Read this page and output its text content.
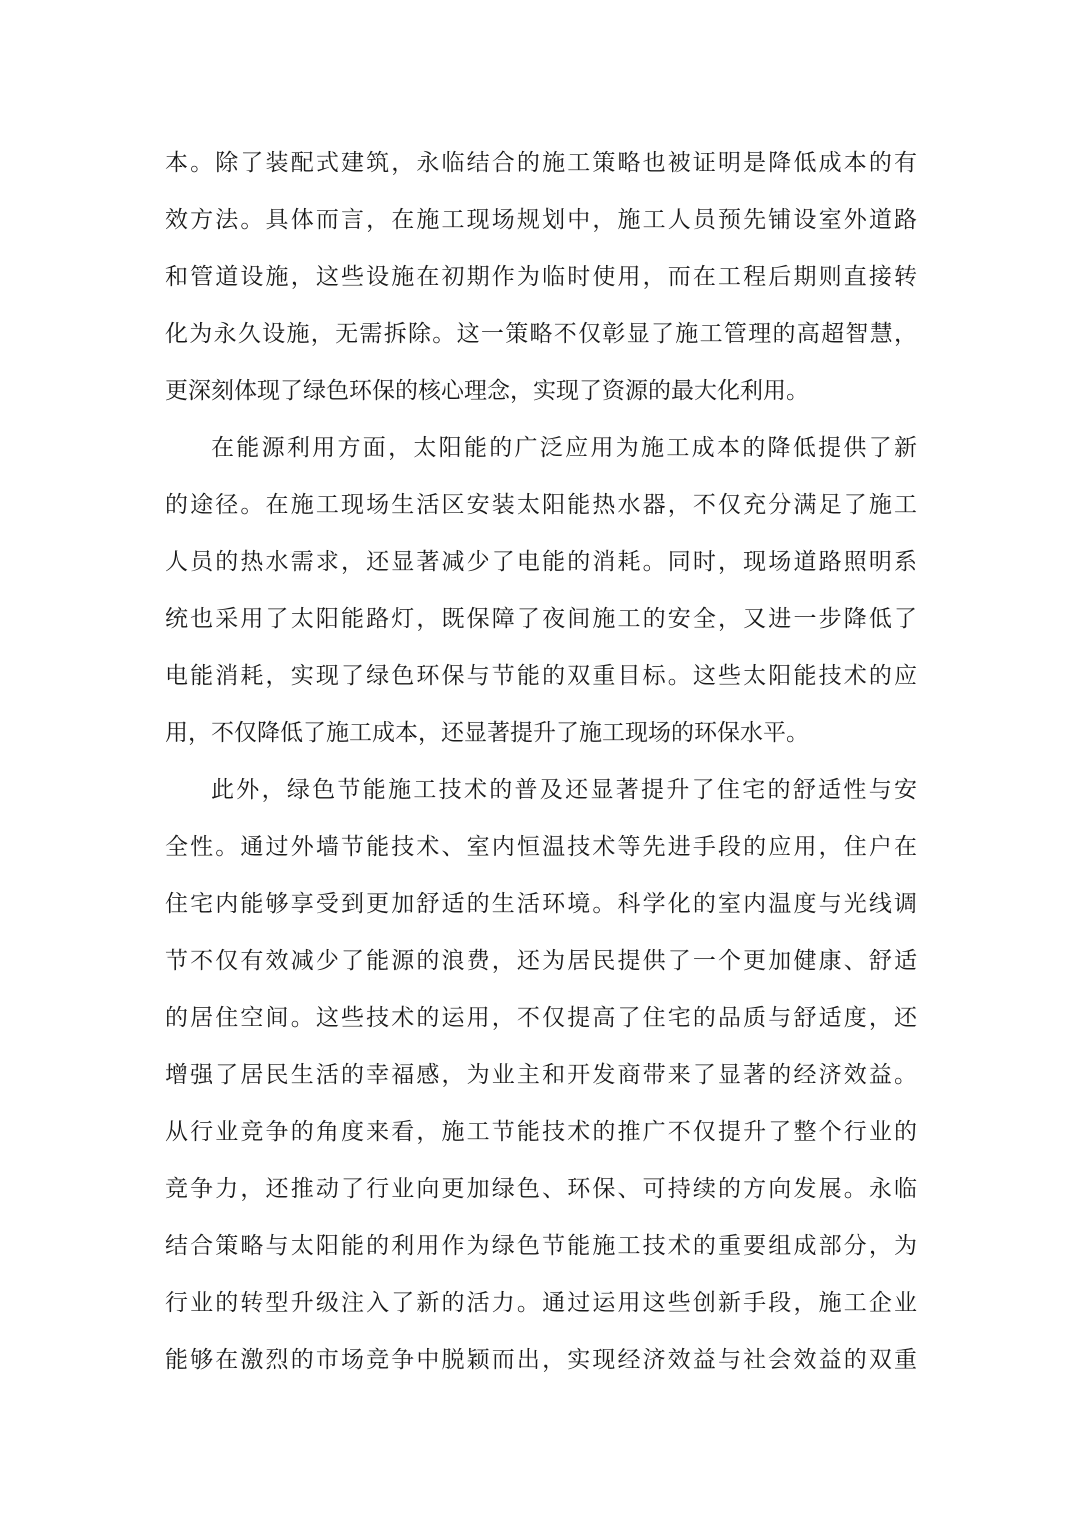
本。除了装配式建筑，永临结合的施工策略也被证明是降低成本的有
效方法。具体而言，在施工现场规划中，施工人员预先铺设室外道路
和管道设施，这些设施在初期作为临时使用，而在工程后期则直接转
化为永久设施，无需拆除。这一策略不仅彰显了施工管理的高超智慧，
更深刻体现了绿色环保的核心理念，实现了资源的最大化利用。
在能源利用方面，太阳能的广泛应用为施工成本的降低提供了新
的途径。在施工现场生活区安装太阳能热水器，不仅充分满足了施工
人员的热水需求，还显著减少了电能的消耗。同时，现场道路照明系
统也采用了太阳能路灯，既保障了夜间施工的安全，又进一步降低了
电能消耗，实现了绿色环保与节能的双重目标。这些太阳能技术的应
用，不仅降低了施工成本，还显著提升了施工现场的环保水平。
此外，绿色节能施工技术的普及还显著提升了住宅的舒适性与安
全性。通过外墙节能技术、室内恒温技术等先进手段的应用，住户在
住宅内能够享受到更加舒适的生活环境。科学化的室内温度与光线调
节不仅有效减少了能源的浪费，还为居民提供了一个更加健康、舒适
的居住空间。这些技术的运用，不仅提高了住宅的品质与舒适度，还
增强了居民生活的幸福感，为业主和开发商带来了显著的经济效益。
从行业竞争的角度来看，施工节能技术的推广不仅提升了整个行业的
竞争力，还推动了行业向更加绿色、环保、可持续的方向发展。永临
结合策略与太阳能的利用作为绿色节能施工技术的重要组成部分，为
行业的转型升级注入了新的活力。通过运用这些创新手段，施工企业
能够在激烈的市场竞争中脱颖而出，实现经济效益与社会效益的双重
